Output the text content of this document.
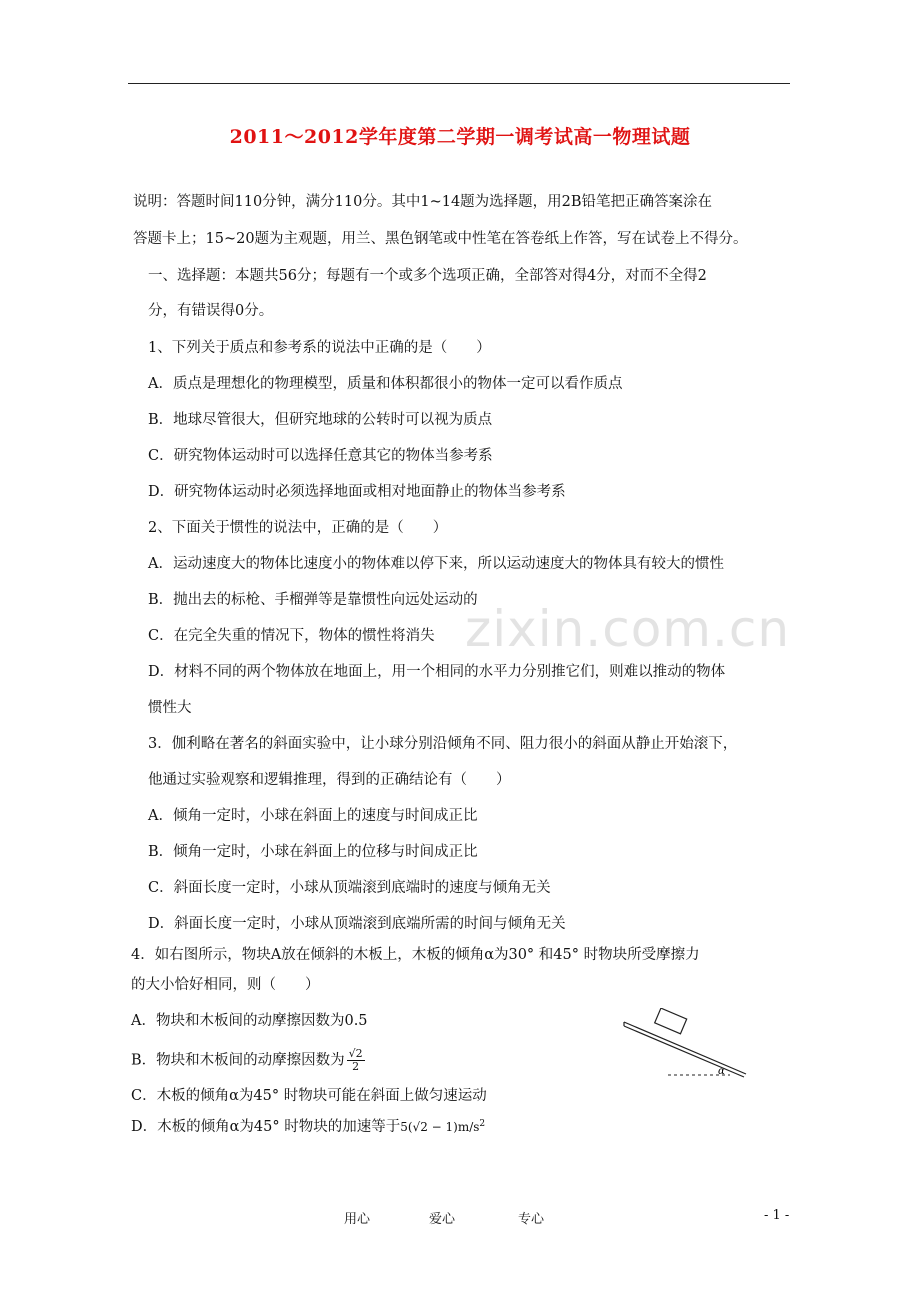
2011～2012学年度第二学期一调考试高一物理试题
zixin.com.cn
说明：答题时间110分钟，满分110分。其中1~14题为选择题，用2B铅笔把正确答案涂在
答题卡上；15~20题为主观题，用兰、黑色钢笔或中性笔在答卷纸上作答，写在试卷上不得分。
一、选择题：本题共56分；每题有一个或多个选项正确，全部答对得4分，对而不全得2
分，有错误得0分。
1、下列关于质点和参考系的说法中正确的是（　　）
A．质点是理想化的物理模型，质量和体积都很小的物体一定可以看作质点
B．地球尽管很大，但研究地球的公转时可以视为质点
C．研究物体运动时可以选择任意其它的物体当参考系
D．研究物体运动时必须选择地面或相对地面静止的物体当参考系
2、下面关于惯性的说法中，正确的是（　　）
A．运动速度大的物体比速度小的物体难以停下来，所以运动速度大的物体具有较大的惯性
B．抛出去的标枪、手榴弹等是靠惯性向远处运动的
C．在完全失重的情况下，物体的惯性将消失
D．材料不同的两个物体放在地面上，用一个相同的水平力分别推它们，则难以推动的物体
惯性大
3．伽利略在著名的斜面实验中，让小球分别沿倾角不同、阻力很小的斜面从静止开始滚下，
他通过实验观察和逻辑推理，得到的正确结论有（　　）
A．倾角一定时，小球在斜面上的速度与时间成正比
B．倾角一定时，小球在斜面上的位移与时间成正比
C．斜面长度一定时，小球从顶端滚到底端时的速度与倾角无关
D．斜面长度一定时，小球从顶端滚到底端所需的时间与倾角无关
4．如右图所示，物块A放在倾斜的木板上，木板的倾角α为30° 和45° 时物块所受摩擦力
的大小恰好相同，则（　　）
A．物块和木板间的动摩擦因数为0.5
B．物块和木板间的动摩擦因数为 $\frac{√2}{2}$
C．木板的倾角α为45° 时物块可能在斜面上做匀速运动
D．木板的倾角α为45° 时物块的加速等于$5(√2 - 1)m/s^2$
α
用心	爱心	专心	- 1 -
